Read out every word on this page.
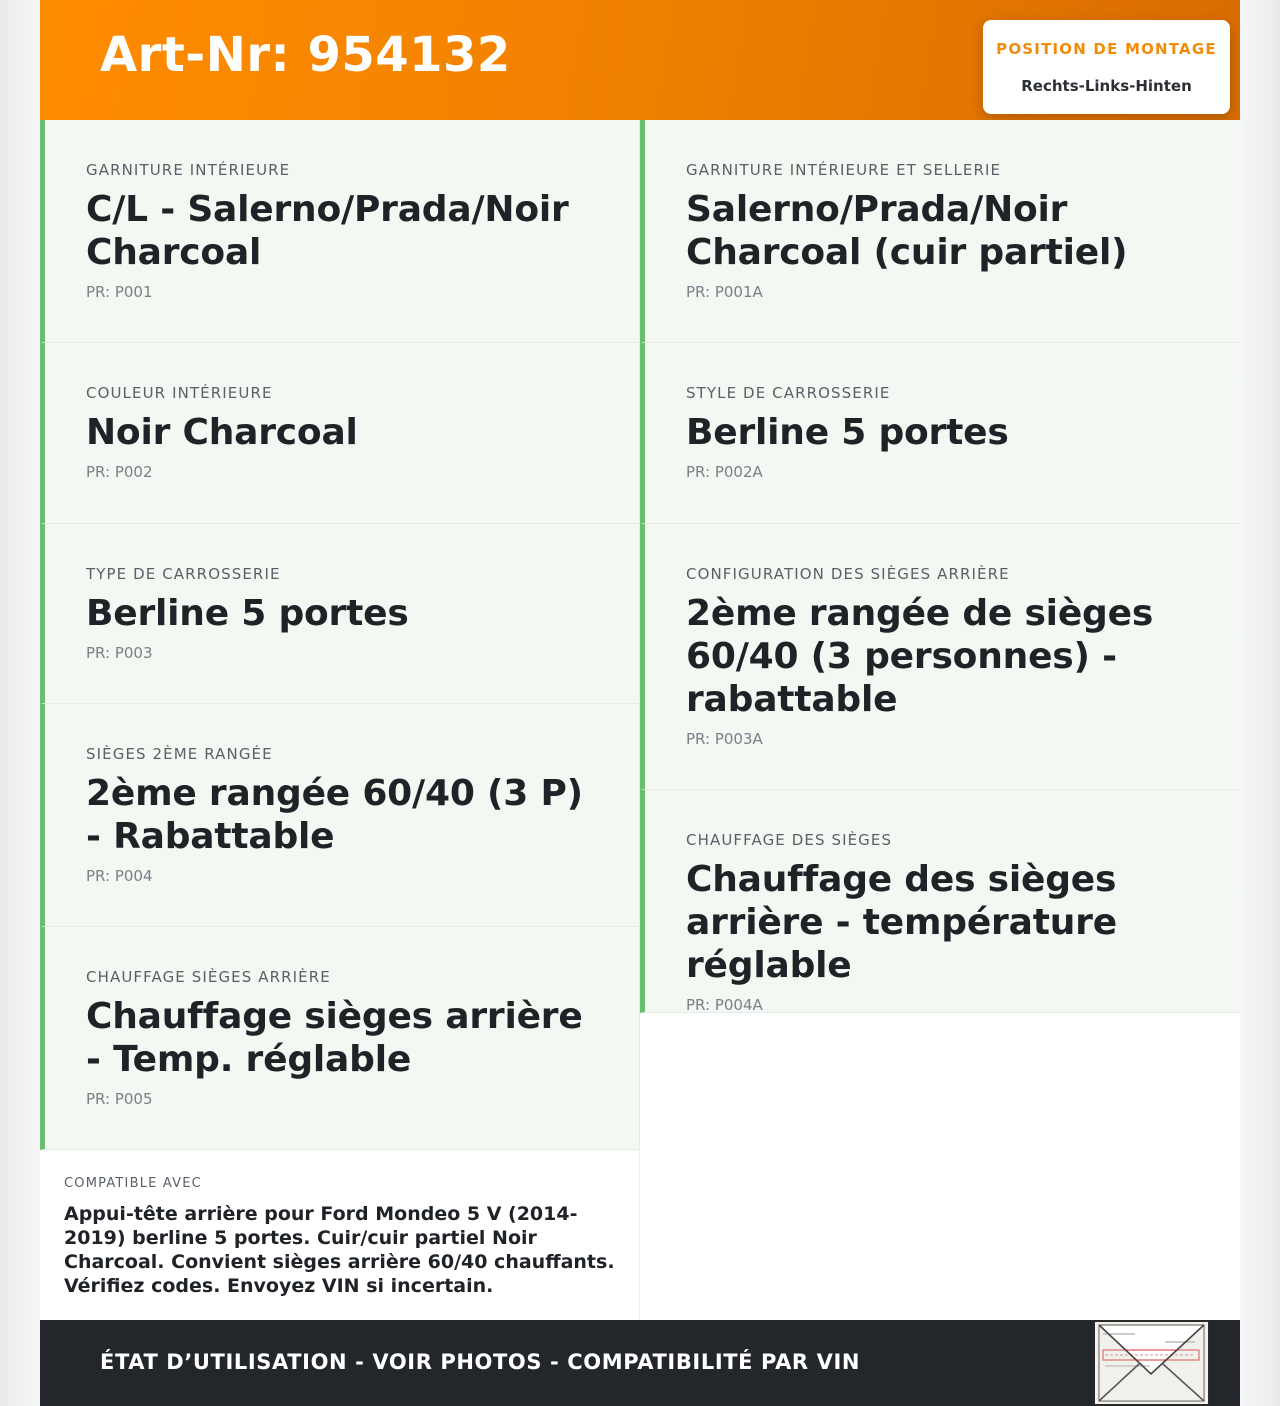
Art-Nr: 954132	POSITION DE MONTAGE
Rechts-Links-Hinten
GARNITURE INTÉRIEURE
C/L - Salerno/Prada/Noir Charcoal
PR: P001
COULEUR INTÉRIEURE
Noir Charcoal
PR: P002
TYPE DE CARROSSERIE
Berline 5 portes
PR: P003
SIÈGES 2ÈME RANGÉE
2ème rangée 60/40 (3 P) - Rabattable
PR: P004
CHAUFFAGE SIÈGES ARRIÈRE
Chauffage sièges arrière - Temp. réglable
PR: P005
GARNITURE INTÉRIEURE ET SELLERIE
Salerno/Prada/Noir Charcoal (cuir partiel)
PR: P001A
STYLE DE CARROSSERIE
Berline 5 portes
PR: P002A
CONFIGURATION DES SIÈGES ARRIÈRE
2ème rangée de sièges 60/40 (3 personnes) - rabattable
PR: P003A
CHAUFFAGE DES SIÈGES
Chauffage des sièges arrière - température réglable
PR: P004A
COMPATIBLE AVEC
Appui-tête arrière pour Ford Mondeo 5 V (2014-2019) berline 5 portes. Cuir/cuir partiel Noir Charcoal. Convient sièges arrière 60/40 chauffants. Vérifiez codes. Envoyez VIN si incertain.
ÉTAT D’UTILISATION - VOIR PHOTOS - COMPATIBILITÉ PAR VIN
